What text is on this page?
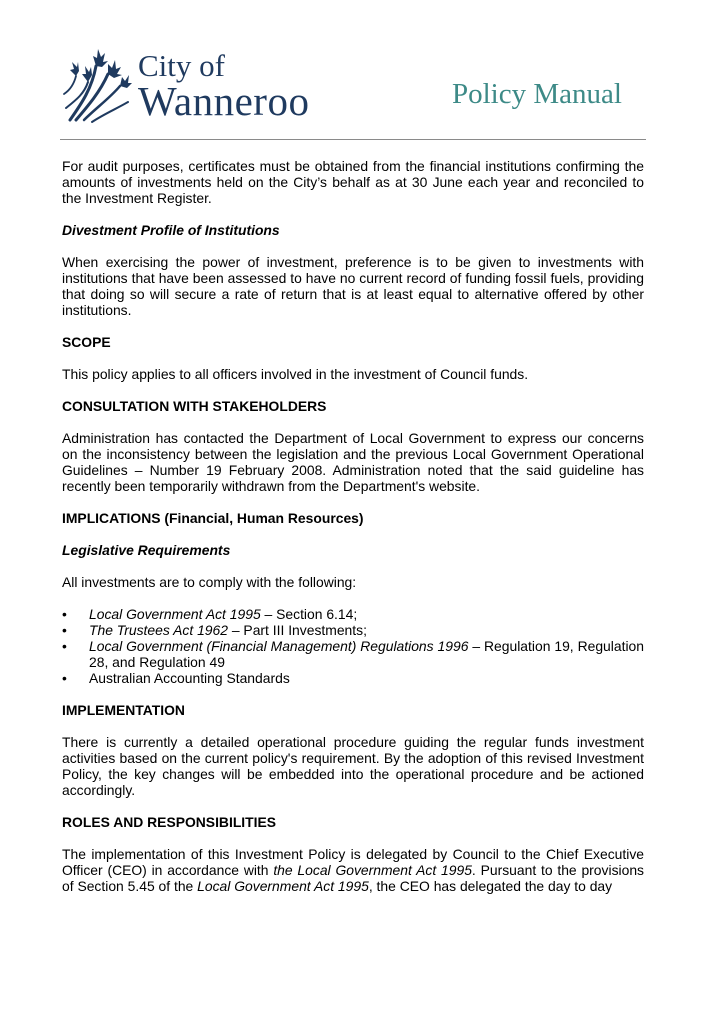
City of
Wanneroo	Policy Manual

For audit purposes, certificates must be obtained from the financial institutions confirming the amounts of investments held on the City’s behalf as at 30 June each year and reconciled to the Investment Register.

Divestment Profile of Institutions

When exercising the power of investment, preference is to be given to investments with institutions that have been assessed to have no current record of funding fossil fuels, providing that doing so will secure a rate of return that is at least equal to alternative offered by other institutions.

SCOPE

This policy applies to all officers involved in the investment of Council funds.

CONSULTATION WITH STAKEHOLDERS

Administration has contacted the Department of Local Government to express our concerns on the inconsistency between the legislation and the previous Local Government Operational Guidelines – Number 19 February 2008. Administration noted that the said guideline has recently been temporarily withdrawn from the Department's website.

IMPLICATIONS (Financial, Human Resources)
Legislative Requirements

All investments are to comply with the following:

• Local Government Act 1995 – Section 6.14;
• The Trustees Act 1962 – Part III Investments;
• Local Government (Financial Management) Regulations 1996 – Regulation 19, Regulation 28, and Regulation 49
• Australian Accounting Standards
IMPLEMENTATION

There is currently a detailed operational procedure guiding the regular funds investment activities based on the current policy's requirement. By the adoption of this revised Investment Policy, the key changes will be embedded into the operational procedure and be actioned accordingly.

ROLES AND RESPONSIBILITIES

The implementation of this Investment Policy is delegated by Council to the Chief Executive Officer (CEO) in accordance with the Local Government Act 1995. Pursuant to the provisions of Section 5.45 of the Local Government Act 1995, the CEO has delegated the day to day
